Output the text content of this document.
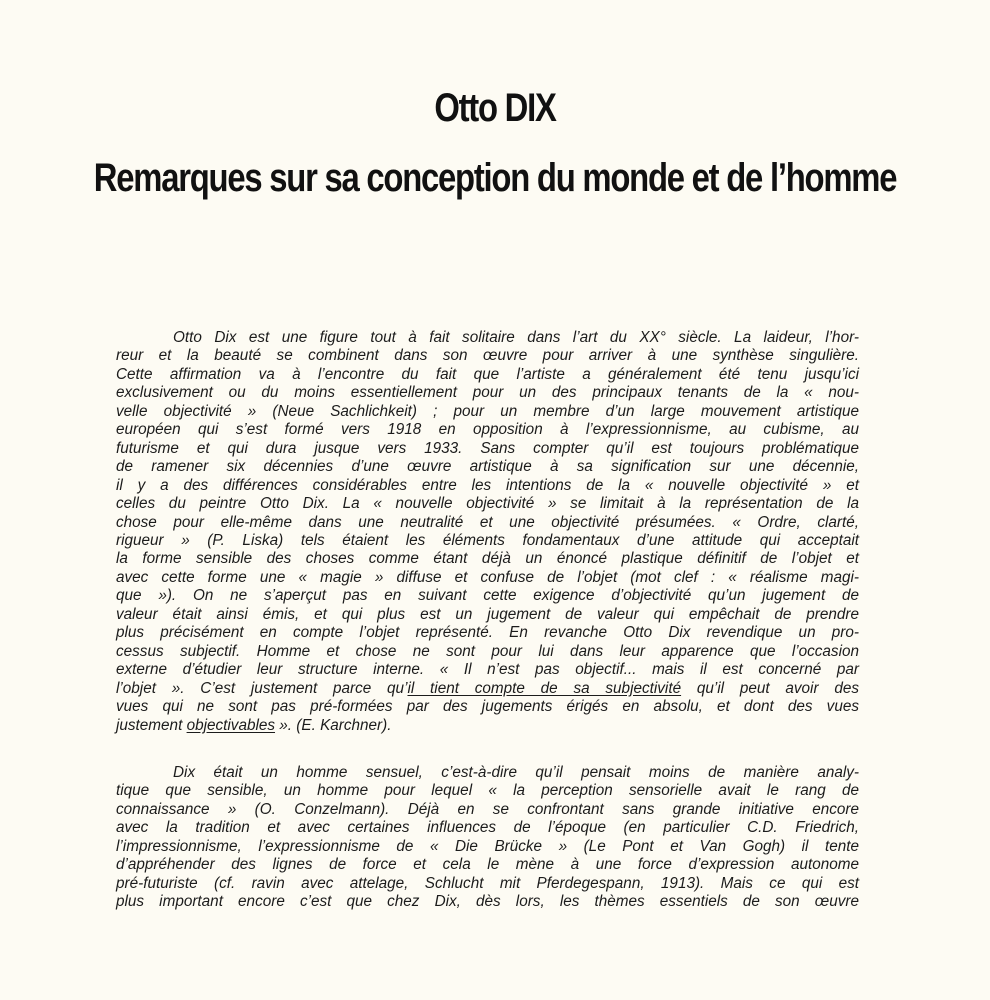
Otto DIX
Remarques sur sa conception du monde et de l’homme
Otto Dix est une figure tout à fait solitaire dans l’art du XX° siècle. La laideur, l’hor-
reur et la beauté se combinent dans son œuvre pour arriver à une synthèse singulière.
Cette affirmation va à l’encontre du fait que l’artiste a généralement été tenu jusqu’ici
exclusivement ou du moins essentiellement pour un des principaux tenants de la « nou-
velle objectivité » (Neue Sachlichkeit) ; pour un membre d’un large mouvement artistique
européen qui s’est formé vers 1918 en opposition à l’expressionnisme, au cubisme, au
futurisme et qui dura jusque vers 1933. Sans compter qu’il est toujours problématique
de ramener six décennies d’une œuvre artistique à sa signification sur une décennie,
il y a des différences considérables entre les intentions de la « nouvelle objectivité » et
celles du peintre Otto Dix. La « nouvelle objectivité » se limitait à la représentation de la
chose pour elle-même dans une neutralité et une objectivité présumées. « Ordre, clarté,
rigueur » (P. Liska) tels étaient les éléments fondamentaux d’une attitude qui acceptait
la forme sensible des choses comme étant déjà un énoncé plastique définitif de l’objet et
avec cette forme une « magie » diffuse et confuse de l’objet (mot clef : « réalisme magi-
que »). On ne s’aperçut pas en suivant cette exigence d’objectivité qu’un jugement de
valeur était ainsi émis, et qui plus est un jugement de valeur qui empêchait de prendre
plus précisément en compte l’objet représenté. En revanche Otto Dix revendique un pro-
cessus subjectif. Homme et chose ne sont pour lui dans leur apparence que l’occasion
externe d’étudier leur structure interne. « Il n’est pas objectif... mais il est concerné par
l’objet ». C’est justement parce qu’il tient compte de sa subjectivité qu’il peut avoir des
vues qui ne sont pas pré-formées par des jugements érigés en absolu, et dont des vues
justement objectivables ». (E. Karchner).
Dix était un homme sensuel, c’est-à-dire qu’il pensait moins de manière analy-
tique que sensible, un homme pour lequel « la perception sensorielle avait le rang de
connaissance » (O. Conzelmann). Déjà en se confrontant sans grande initiative encore
avec la tradition et avec certaines influences de l’époque (en particulier C.D. Friedrich,
l’impressionnisme, l’expressionnisme de « Die Brücke » (Le Pont et Van Gogh) il tente
d’appréhender des lignes de force et cela le mène à une force d’expression autonome
pré-futuriste (cf. ravin avec attelage, Schlucht mit Pferdegespann, 1913). Mais ce qui est
plus important encore c’est que chez Dix, dès lors, les thèmes essentiels de son œuvre
